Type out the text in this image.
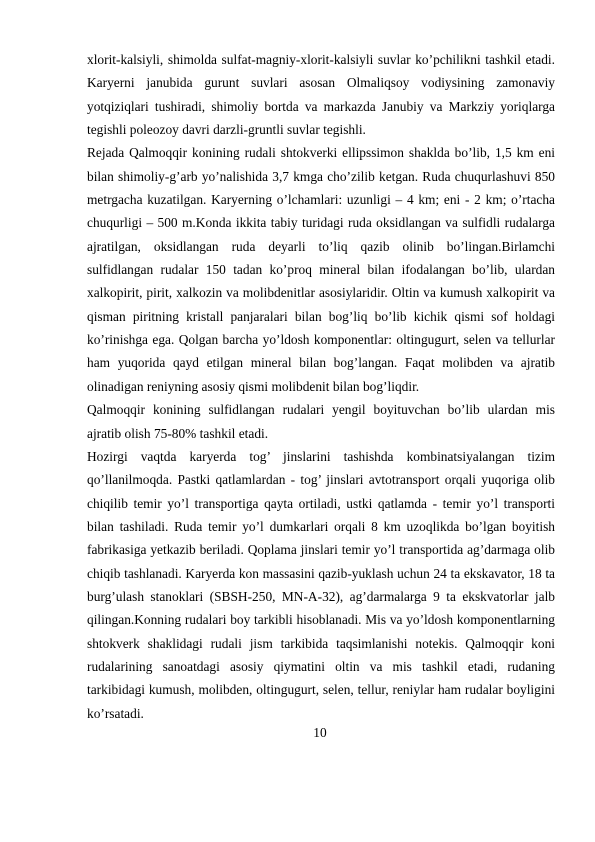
xlorit-kalsiyli, shimolda sulfat-magniy-xlorit-kalsiyli suvlar ko’pchilikni tashkil etadi. Karyerni janubida gurunt suvlari asosan Olmaliqsoy vodiysining zamonaviy yotqiziqlari tushiradi, shimoliy bortda va markazda Janubiy va Markziy yoriqlarga tegishli poleozoy davri darzli-gruntli suvlar tegishli.

Rejada Qalmoqqir konining rudali shtokverki ellipssimon shaklda bo’lib, 1,5 km eni bilan shimoliy-g’arb yo’nalishida 3,7 kmga cho’zilib ketgan. Ruda chuqurlashuvi 850 metrgacha kuzatilgan. Karyerning o’lchamlari: uzunligi – 4 km; eni - 2 km; o’rtacha chuqurligi – 500 m.Konda ikkita tabiy turidagi ruda oksidlangan va sulfidli rudalarga ajratilgan, oksidlangan ruda deyarli to’liq qazib olinib bo’lingan.Birlamchi sulfidlangan rudalar 150 tadan ko’proq mineral bilan ifodalangan bo’lib, ulardan xalkopirit, pirit, xalkozin va molibdenitlar asosiylaridir. Oltin va kumush xalkopirit va qisman piritning kristall panjaralari bilan bog’liq bo’lib kichik qismi sof holdagi ko’rinishga ega. Qolgan barcha yo’ldosh komponentlar: oltingugurt, selen va tellurlar ham yuqorida qayd etilgan mineral bilan bog’langan. Faqat molibden va ajratib olinadigan reniyning asosiy qismi molibdenit bilan bog’liqdir.

Qalmoqqir konining sulfidlangan rudalari yengil boyituvchan bo’lib ulardan mis ajratib olish 75-80% tashkil etadi.

Hozirgi vaqtda karyerda tog’ jinslarini tashishda kombinatsiyalangan tizim qo’llanilmoqda. Pastki qatlamlardan - tog’ jinslari avtotransport orqali yuqoriga olib chiqilib temir yo’l transportiga qayta ortiladi, ustki qatlamda - temir yo’l transporti bilan tashiladi. Ruda temir yo’l dumkarlari orqali 8 km uzoqlikda bo’lgan boyitish fabrikasiga yetkazib beriladi. Qoplama jinslari temir yo’l transportida ag’darmaga olib chiqib tashlanadi. Karyerda kon massasini qazib-yuklash uchun 24 ta ekskavator, 18 ta burg’ulash stanoklari (SBSH-250, MN-A-32), ag’darmalarga 9 ta ekskvatorlar jalb qilingan.Konning rudalari boy tarkibli hisoblanadi. Mis va yo’ldosh komponentlarning shtokverk shaklidagi rudali jism tarkibida taqsimlanishi notekis. Qalmoqqir koni rudalarining sanoatdagi asosiy qiymatini oltin va mis tashkil etadi, rudaning tarkibidagi kumush, molibden, oltingugurt, selen, tellur, reniylar ham rudalar boyligini ko’rsatadi.

10
